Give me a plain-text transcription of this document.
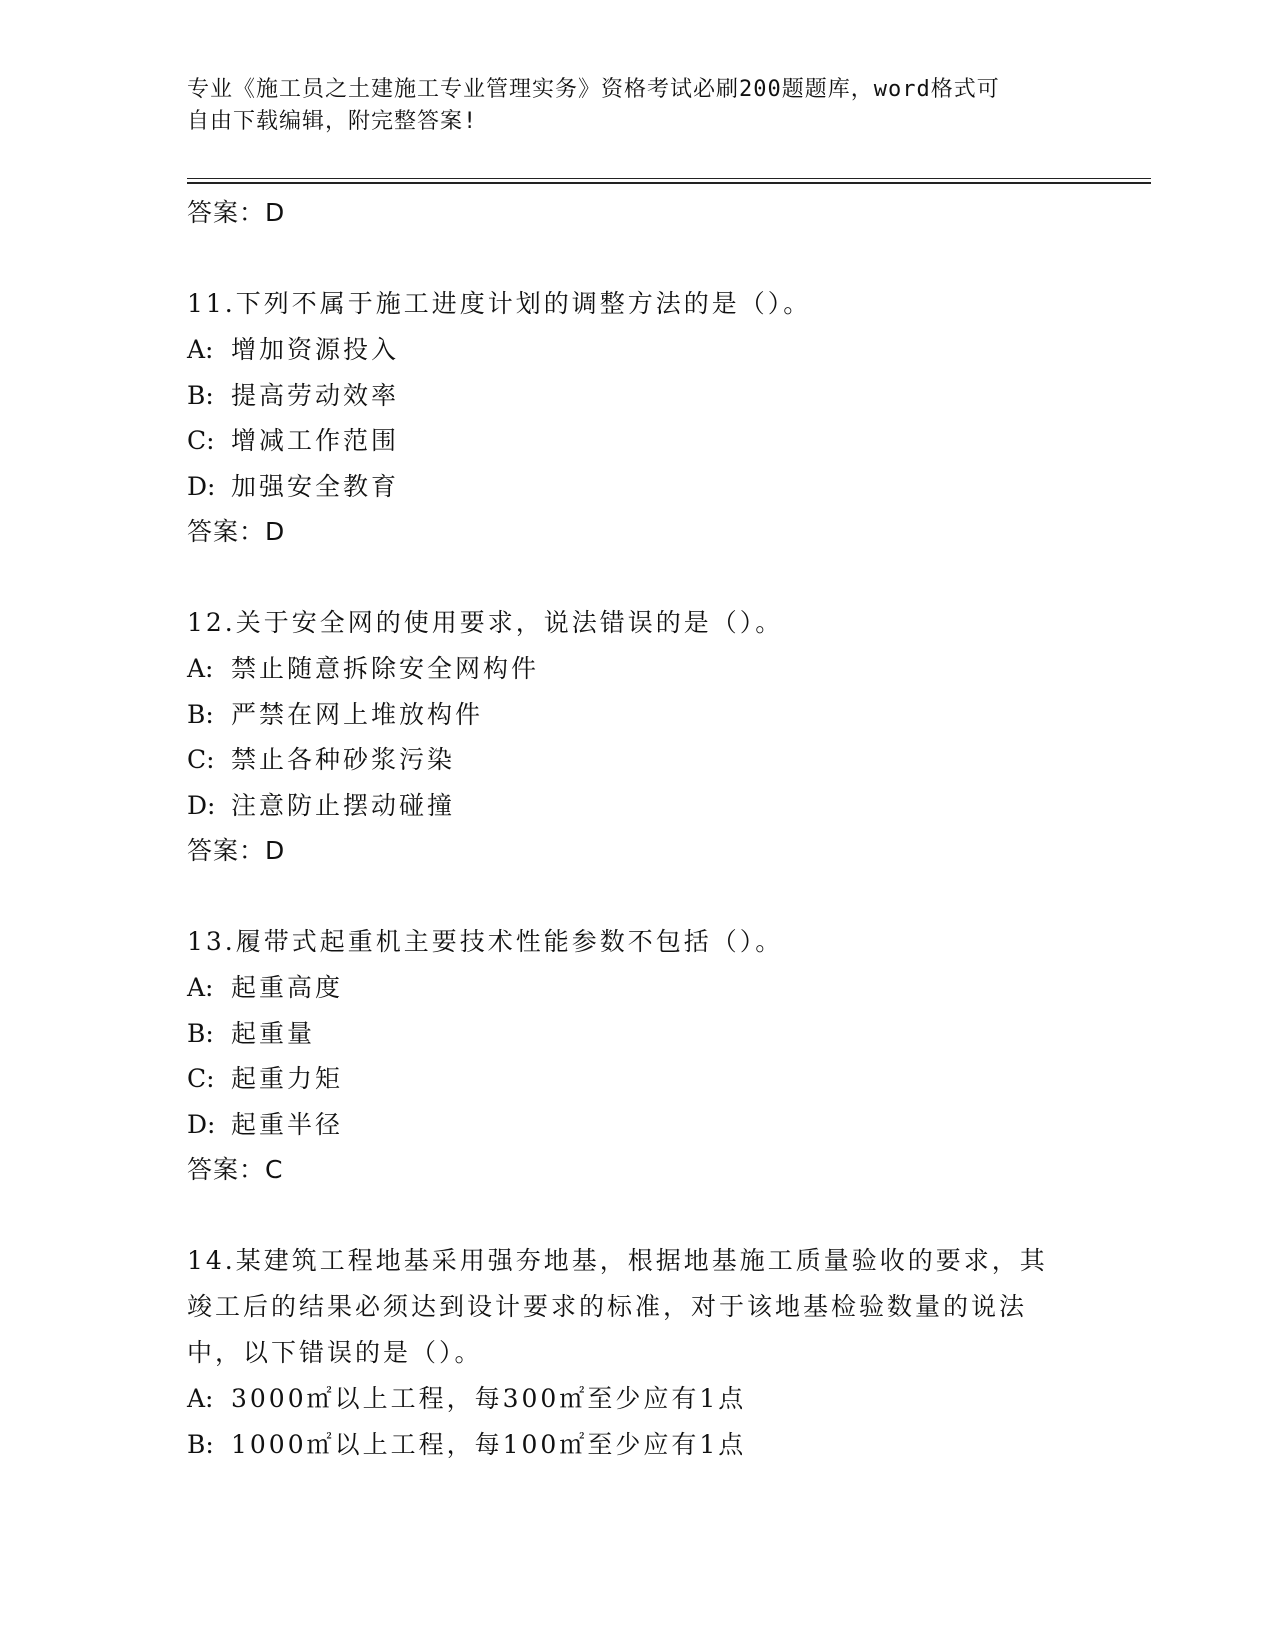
专业《施工员之土建施工专业管理实务》资格考试必刷200题题库，word格式可
自由下载编辑，附完整答案!
答案：D
11.下列不属于施工进度计划的调整方法的是（）。
A: 增加资源投入
B: 提高劳动效率
C: 增减工作范围
D: 加强安全教育
答案：D
12.关于安全网的使用要求，说法错误的是（）。
A: 禁止随意拆除安全网构件
B: 严禁在网上堆放构件
C: 禁止各种砂浆污染
D: 注意防止摆动碰撞
答案：D
13.履带式起重机主要技术性能参数不包括（）。
A: 起重高度
B: 起重量
C: 起重力矩
D: 起重半径
答案：C
14.某建筑工程地基采用强夯地基，根据地基施工质量验收的要求，其
竣工后的结果必须达到设计要求的标准，对于该地基检验数量的说法
中，以下错误的是（）。
A: 3000㎡以上工程，每300㎡至少应有1点
B: 1000㎡以上工程，每100㎡至少应有1点
